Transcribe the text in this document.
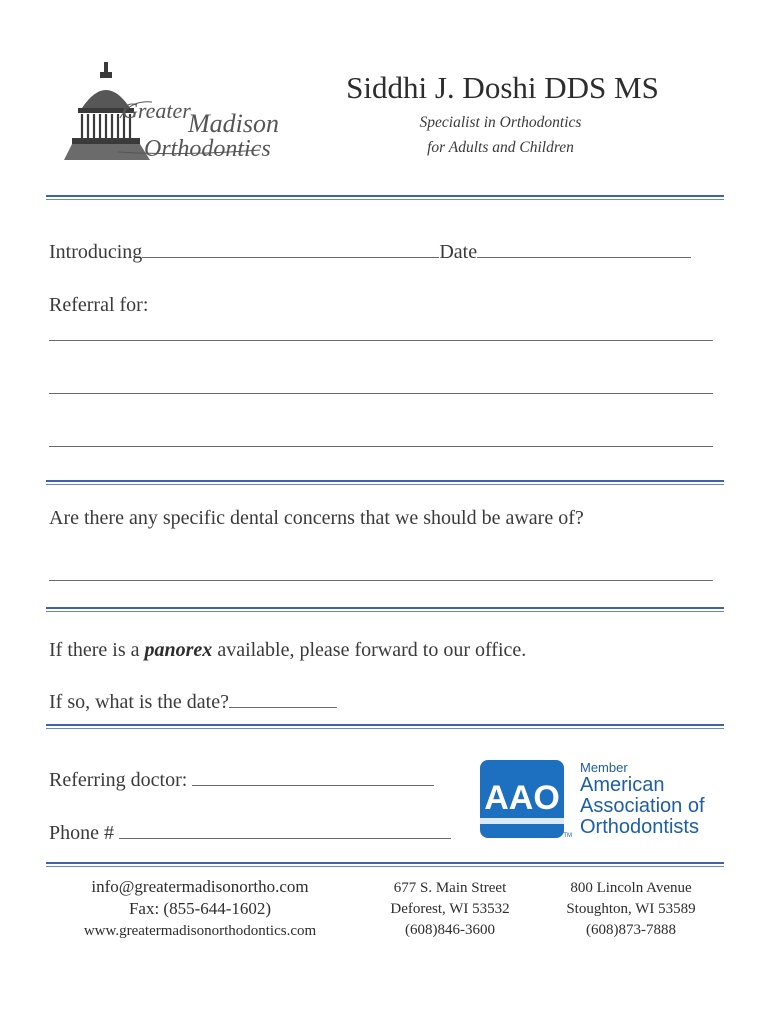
Greater
Madison
Orthodontics
Siddhi J. Doshi DDS MS
Specialist in Orthodontics
for Adults and Children
Introducing	Date
Referral for:
Are there any specific dental concerns that we should be aware of?
If there is a panorex available, please forward to our office.
If so, what is the date?
Referring doctor:
Phone #
AAO
TM
Member
American
Association of
Orthodontists
info@greatermadisonortho.com
Fax: (855-644-1602)
www.greatermadisonorthodontics.com
677 S. Main Street
Deforest, WI 53532
(608)846-3600
800 Lincoln Avenue
Stoughton, WI 53589
(608)873-7888
